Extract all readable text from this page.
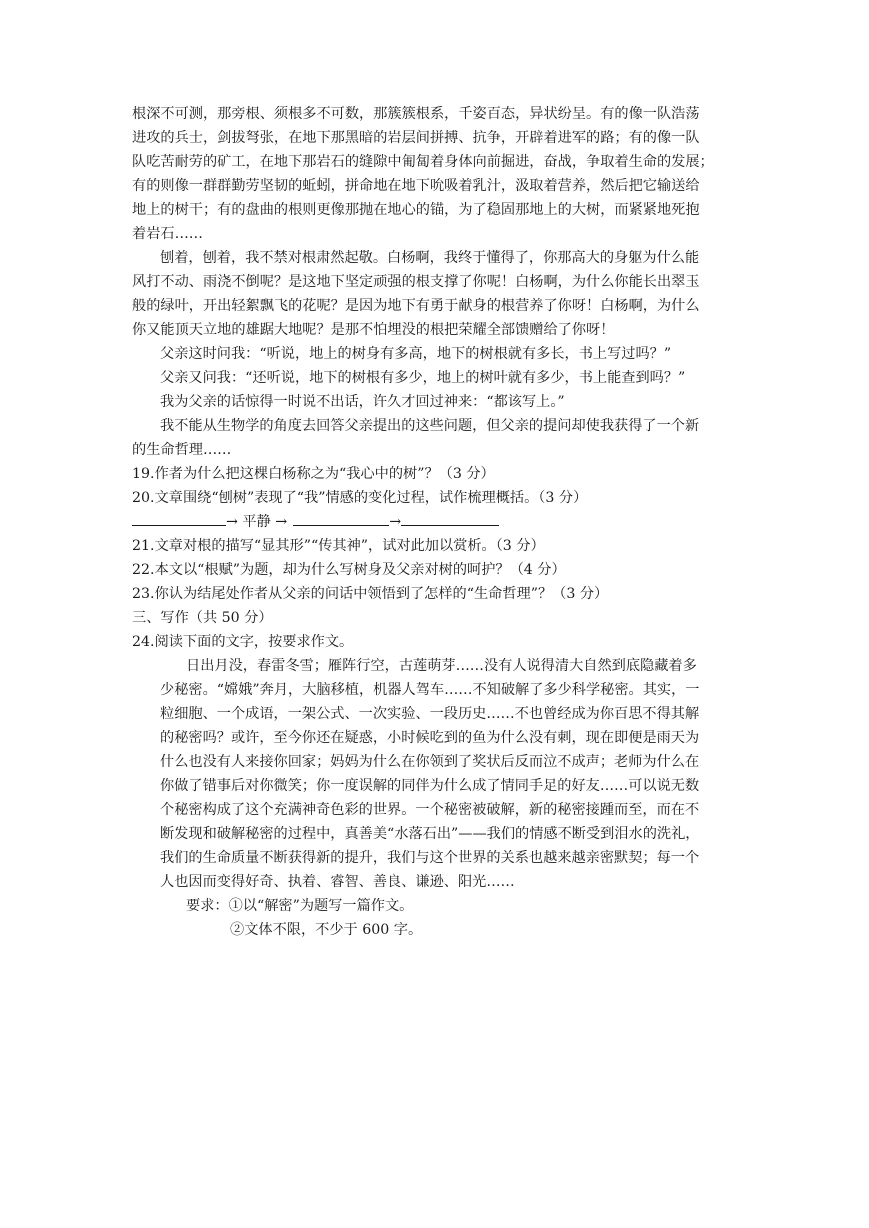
根深不可测，那旁根、须根多不可数，那簇簇根系，千姿百态，异状纷呈。有的像一队浩荡
进攻的兵士，剑拔弩张，在地下那黑暗的岩层间拼搏、抗争，开辟着进军的路；有的像一队
队吃苦耐劳的矿工，在地下那岩石的缝隙中匍匐着身体向前掘进，奋战，争取着生命的发展；
有的则像一群群勤劳坚韧的蚯蚓，拼命地在地下吮吸着乳汁，汲取着营养，然后把它输送给
地上的树干；有的盘曲的根则更像那抛在地心的锚，为了稳固那地上的大树，而紧紧地死抱
着岩石……
刨着，刨着，我不禁对根肃然起敬。白杨啊，我终于懂得了，你那高大的身躯为什么能
风打不动、雨浇不倒呢？是这地下坚定顽强的根支撑了你呢！白杨啊，为什么你能长出翠玉
般的绿叶，开出轻絮飘飞的花呢？是因为地下有勇于献身的根营养了你呀！白杨啊，为什么
你又能顶天立地的雄踞大地呢？是那不怕埋没的根把荣耀全部馈赠给了你呀！
父亲这时问我：“听说，地上的树身有多高，地下的树根就有多长，书上写过吗？”
父亲又问我：“还听说，地下的树根有多少，地上的树叶就有多少，书上能查到吗？”
我为父亲的话惊得一时说不出话，许久才回过神来：“都该写上。”
我不能从生物学的角度去回答父亲提出的这些问题，但父亲的提问却使我获得了一个新
的生命哲理……
19.作者为什么把这棵白杨称之为“我心中的树”？（3 分）
20.文章围绕“刨树”表现了“我”情感的变化过程，试作梳理概括。（3 分）
→ 平静 →	→
21.文章对根的描写“显其形”“传其神”，试对此加以赏析。（3 分）
22.本文以“根赋”为题，却为什么写树身及父亲对树的呵护？（4 分）
23.你认为结尾处作者从父亲的问话中领悟到了怎样的“生命哲理”？（3 分）
三、写作（共 50 分）
24.阅读下面的文字，按要求作文。
日出月没，春雷冬雪；雁阵行空，古莲萌芽……没有人说得清大自然到底隐藏着多
少秘密。“嫦娥”奔月，大脑移植，机器人驾车……不知破解了多少科学秘密。其实，一
粒细胞、一个成语，一架公式、一次实验、一段历史……不也曾经成为你百思不得其解
的秘密吗？或许，至今你还在疑惑，小时候吃到的鱼为什么没有刺，现在即便是雨天为
什么也没有人来接你回家；妈妈为什么在你领到了奖状后反而泣不成声；老师为什么在
你做了错事后对你微笑；你一度误解的同伴为什么成了情同手足的好友……可以说无数
个秘密构成了这个充满神奇色彩的世界。一个秘密被破解，新的秘密接踵而至，而在不
断发现和破解秘密的过程中，真善美“水落石出”——我们的情感不断受到泪水的洗礼，
我们的生命质量不断获得新的提升，我们与这个世界的关系也越来越亲密默契；每一个
人也因而变得好奇、执着、睿智、善良、谦逊、阳光……
要求：①以“解密”为题写一篇作文。
②文体不限，不少于 600 字。
